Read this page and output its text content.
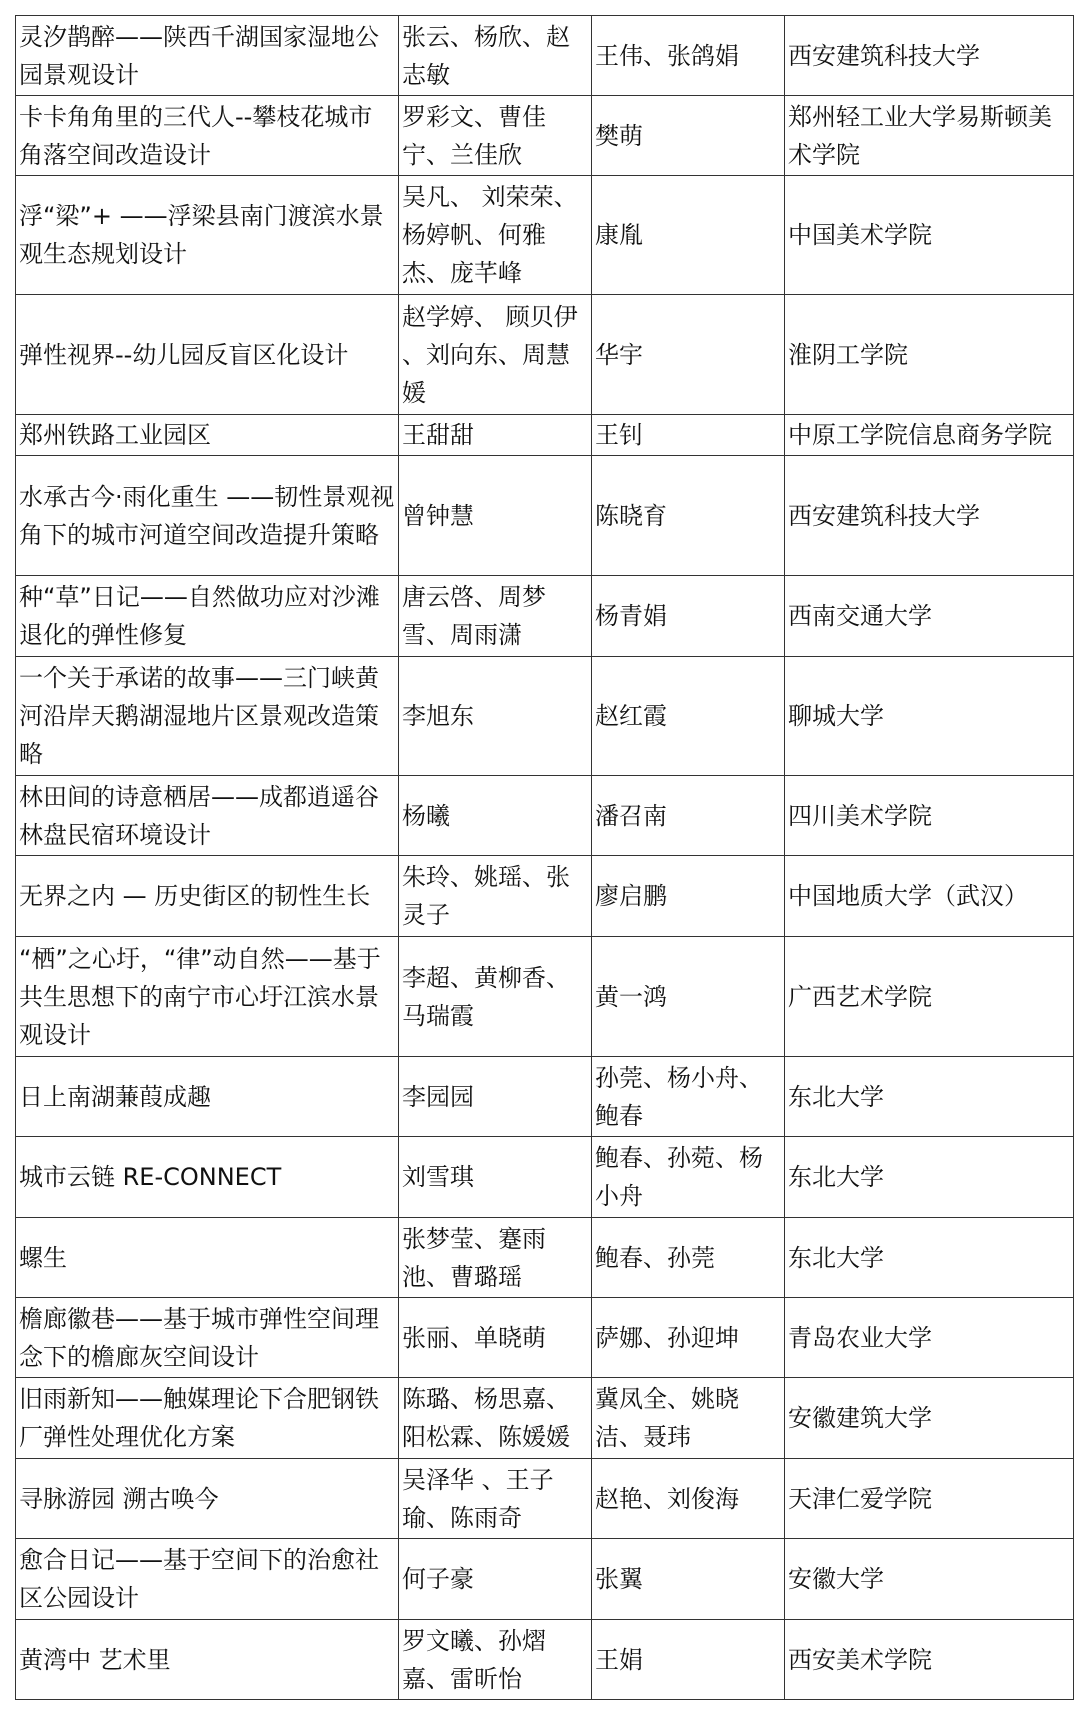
灵汐鹊醉——陕西千湖国家湿地公园景观设计	张云、杨欣、赵志敏	王伟、张鸽娟	西安建筑科技大学

卡卡角角里的三代人--攀枝花城市角落空间改造设计	罗彩文、曹佳宁、兰佳欣	樊萌	郑州轻工业大学易斯顿美术学院

浮“梁”+ ——浮梁县南门渡滨水景观生态规划设计	吴凡、 刘荣荣、杨婷帆、何雅杰、庞芊峰	康胤	中国美术学院

弹性视界--幼儿园反盲区化设计	赵学婷、 顾贝伊 、刘向东、周慧媛	华宇	淮阴工学院

郑州铁路工业园区	王甜甜	王钊	中原工学院信息商务学院

水承古今·雨化重生 ——韧性景观视角下的城市河道空间改造提升策略	曾钟慧	陈晓育	西安建筑科技大学

种“草”日记——自然做功应对沙滩退化的弹性修复	唐云啓、周梦雪、周雨潇	杨青娟	西南交通大学

一个关于承诺的故事——三门峡黄河沿岸天鹅湖湿地片区景观改造策略	李旭东	赵红霞	聊城大学

林田间的诗意栖居——成都逍遥谷林盘民宿环境设计	杨曦	潘召南	四川美术学院

无界之内 — 历史街区的韧性生长	朱玲、姚瑶、张灵子	廖启鹏	中国地质大学（武汉）

“栖”之心圩，“律”动自然——基于共生思想下的南宁市心圩江滨水景观设计	李超、黄柳香、马瑞霞	黄一鸿	广西艺术学院

日上南湖蒹葭成趣	李园园	孙莞、杨小舟、鲍春	东北大学

城市云链 RE-CONNECT	刘雪琪	鲍春、孙菀、杨小舟	东北大学

螺生	张梦莹、蹇雨池、曹璐瑶	鲍春、孙莞	东北大学

檐廊徽巷——基于城市弹性空间理念下的檐廊灰空间设计	张丽、单晓萌	萨娜、孙迎坤	青岛农业大学

旧雨新知——触媒理论下合肥钢铁厂弹性处理优化方案	陈璐、杨思嘉、阳松霖、陈媛媛	冀凤全、姚晓洁、聂玮	安徽建筑大学

寻脉游园 溯古唤今	吴泽华 、王子瑜、陈雨奇	赵艳、刘俊海	天津仁爱学院

愈合日记——基于空间下的治愈社区公园设计	何子豪	张翼	安徽大学

黄湾中 艺术里	罗文曦、孙熠嘉、雷昕怡	王娟	西安美术学院
